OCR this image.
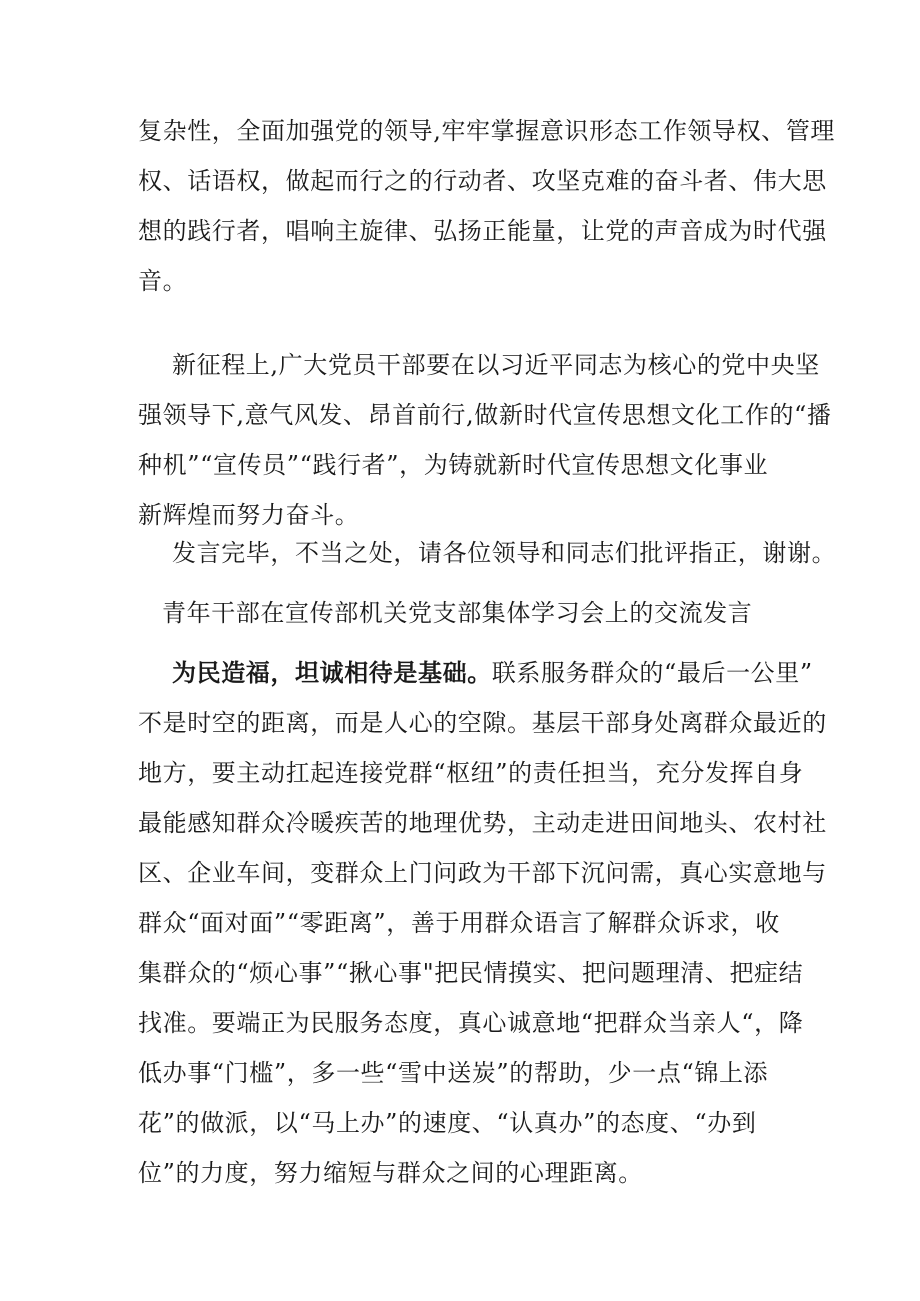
复杂性，全面加强党的领导,牢牢掌握意识形态工作领导权、管理
权、话语权，做起而行之的行动者、攻坚克难的奋斗者、伟大思
想的践行者，唱响主旋律、弘扬正能量，让党的声音成为时代强
音。
新征程上,广大党员干部要在以习近平同志为核心的党中央坚
强领导下,意气风发、昂首前行,做新时代宣传思想文化工作的“播
种机”“宣传员”“践行者”，为铸就新时代宣传思想文化事业
新辉煌而努力奋斗。
发言完毕，不当之处，请各位领导和同志们批评指正，谢谢。
青年干部在宣传部机关党支部集体学习会上的交流发言
为民造福，坦诚相待是基础。联系服务群众的“最后一公里”
不是时空的距离，而是人心的空隙。基层干部身处离群众最近的
地方，要主动扛起连接党群“枢纽”的责任担当，充分发挥自身
最能感知群众冷暖疾苦的地理优势，主动走进田间地头、农村社
区、企业车间，变群众上门问政为干部下沉问需，真心实意地与
群众“面对面”“零距离”，善于用群众语言了解群众诉求，收
集群众的“烦心事”“揪心事"把民情摸实、把问题理清、把症结
找准。要端正为民服务态度，真心诚意地“把群众当亲人“，降
低办事“门槛”，多一些“雪中送炭”的帮助，少一点“锦上添
花”的做派，以“马上办”的速度、“认真办”的态度、“办到
位”的力度，努力缩短与群众之间的心理距离。
